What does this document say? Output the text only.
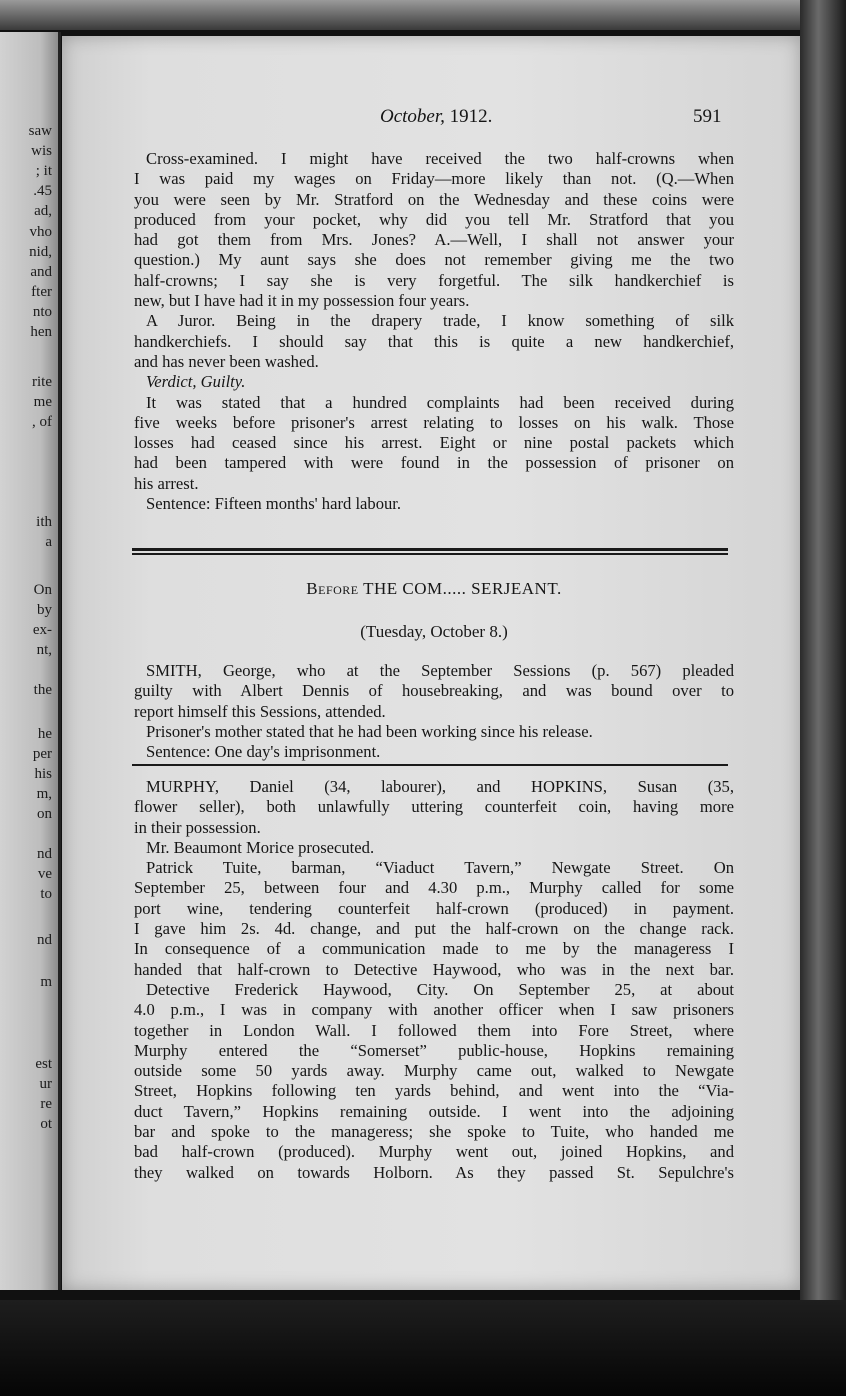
saw
wis
; it
.45
ad,
vho
nid,
and
fter
nto
hen
rite
me
, of
ith
a
On
by
ex-
nt,
the
he
per
his
m,
on
nd
ve
to
nd
m
est
ur
re
ot
October, 1912.	591
Cross-examined. I might have received the two half-crowns when
I was paid my wages on Friday—more likely than not. (Q.—When
you were seen by Mr. Stratford on the Wednesday and these coins were
produced from your pocket, why did you tell Mr. Stratford that you
had got them from Mrs. Jones? A.—Well, I shall not answer your
question.) My aunt says she does not remember giving me the two
half-crowns; I say she is very forgetful. The silk handkerchief is
new, but I have had it in my possession four years.
A Juror. Being in the drapery trade, I know something of silk
handkerchiefs. I should say that this is quite a new handkerchief,
and has never been washed.
Verdict, Guilty.
It was stated that a hundred complaints had been received during
five weeks before prisoner's arrest relating to losses on his walk. Those
losses had ceased since his arrest. Eight or nine postal packets which
had been tampered with were found in the possession of prisoner on
his arrest.
Sentence: Fifteen months' hard labour.
Before THE COM..... SERJEANT.
(Tuesday, October 8.)
SMITH, George, who at the September Sessions (p. 567) pleaded
guilty with Albert Dennis of housebreaking, and was bound over to
report himself this Sessions, attended.
Prisoner's mother stated that he had been working since his release.
Sentence: One day's imprisonment.
MURPHY, Daniel (34, labourer), and HOPKINS, Susan (35,
flower seller), both unlawfully uttering counterfeit coin, having more
in their possession.
Mr. Beaumont Morice prosecuted.
Patrick Tuite, barman, “Viaduct Tavern,” Newgate Street. On
September 25, between four and 4.30 p.m., Murphy called for some
port wine, tendering counterfeit half-crown (produced) in payment.
I gave him 2s. 4d. change, and put the half-crown on the change rack.
In consequence of a communication made to me by the manageress I
handed that half-crown to Detective Haywood, who was in the next bar.
Detective Frederick Haywood, City. On September 25, at about
4.0 p.m., I was in company with another officer when I saw prisoners
together in London Wall. I followed them into Fore Street, where
Murphy entered the “Somerset” public-house, Hopkins remaining
outside some 50 yards away. Murphy came out, walked to Newgate
Street, Hopkins following ten yards behind, and went into the “Via-
duct Tavern,” Hopkins remaining outside. I went into the adjoining
bar and spoke to the manageress; she spoke to Tuite, who handed me
bad half-crown (produced). Murphy went out, joined Hopkins, and
they walked on towards Holborn. As they passed St. Sepulchre's
